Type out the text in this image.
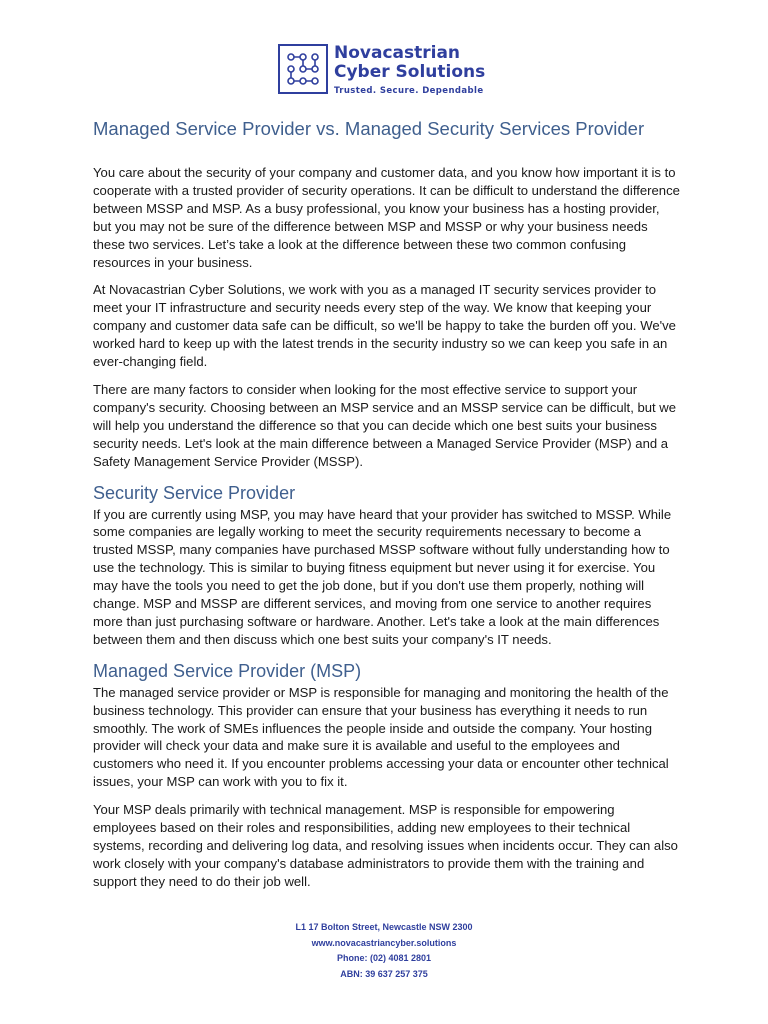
Novacastrian
Cyber Solutions
Trusted. Secure. Dependable
Managed Service Provider vs. Managed Security Services Provider

You care about the security of your company and customer data, and you know how important it is to cooperate with a trusted provider of security operations. It can be difficult to understand the difference between MSSP and MSP. As a busy professional, you know your business has a hosting provider, but you may not be sure of the difference between MSP and MSSP or why your business needs these two services. Let’s take a look at the difference between these two common confusing resources in your business.

At Novacastrian Cyber Solutions, we work with you as a managed IT security services provider to meet your IT infrastructure and security needs every step of the way. We know that keeping your company and customer data safe can be difficult, so we'll be happy to take the burden off you. We've worked hard to keep up with the latest trends in the security industry so we can keep you safe in an ever-changing field.

There are many factors to consider when looking for the most effective service to support your company's security. Choosing between an MSP service and an MSSP service can be difficult, but we will help you understand the difference so that you can decide which one best suits your business security needs. Let's look at the main difference between a Managed Service Provider (MSP) and a Safety Management Service Provider (MSSP).

Security Service Provider

If you are currently using MSP, you may have heard that your provider has switched to MSSP. While some companies are legally working to meet the security requirements necessary to become a trusted MSSP, many companies have purchased MSSP software without fully understanding how to use the technology. This is similar to buying fitness equipment but never using it for exercise. You may have the tools you need to get the job done, but if you don't use them properly, nothing will change. MSP and MSSP are different services, and moving from one service to another requires more than just purchasing software or hardware. Another. Let's take a look at the main differences between them and then discuss which one best suits your company's IT needs.

Managed Service Provider (MSP)

The managed service provider or MSP is responsible for managing and monitoring the health of the business technology. This provider can ensure that your business has everything it needs to run smoothly. The work of SMEs influences the people inside and outside the company. Your hosting provider will check your data and make sure it is available and useful to the employees and customers who need it. If you encounter problems accessing your data or encounter other technical issues, your MSP can work with you to fix it.

Your MSP deals primarily with technical management. MSP is responsible for empowering employees based on their roles and responsibilities, adding new employees to their technical systems, recording and delivering log data, and resolving issues when incidents occur. They can also work closely with your company's database administrators to provide them with the training and support they need to do their job well.

L1 17 Bolton Street, Newcastle NSW 2300
www.novacastriancyber.solutions
Phone: (02) 4081 2801
ABN: 39 637 257 375
